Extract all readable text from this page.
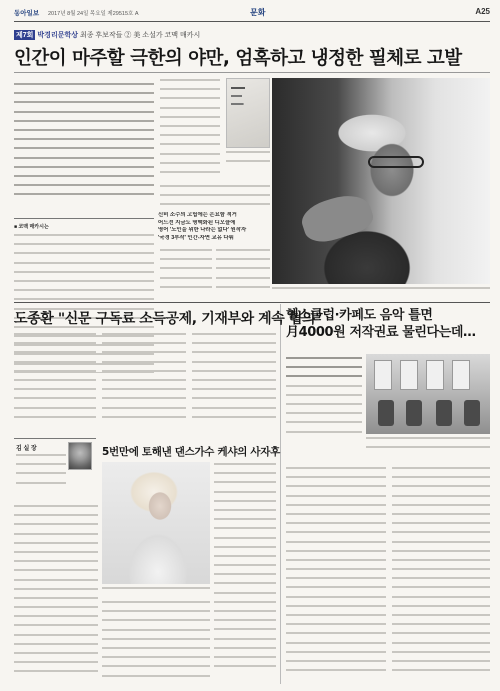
동아일보 2017년 8월 24일 목요일 제29515호 A	문화	A25
제7회 박경리문학상 최종 후보작들 ② 美 소설가 코맥 매카시
인간이 마주할 극한의 야만, 엄혹하고 냉정한 필체로 고발
■ 코맥 매카시는
신비 소수의 고립에는 은요함 적거
어드전 지금도 명맥화된 디오클에
영어 '노인을 위한 나라는 없다' 원작자
'국경 3부작' 인간-자연 교유 다뤄
도종환 "신문 구독료 소득공제, 기재부와 계속 협의"
헬스클럽·카페도 음악 틀면
月4000원 저작권료 물린다는데…
김 실 장	5번만에 토해낸 댄스가수 케샤의 사자후
